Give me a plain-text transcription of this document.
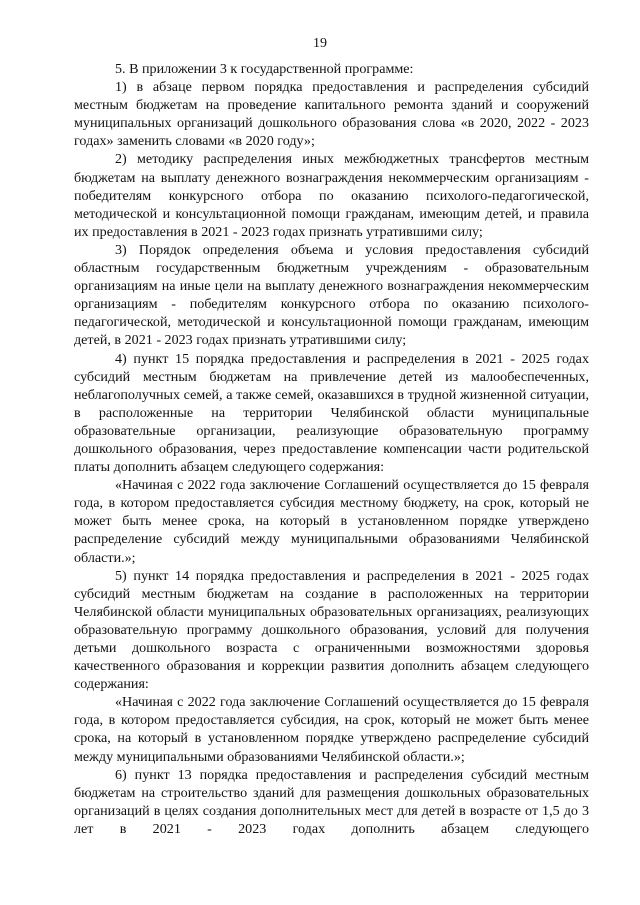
19

5. В приложении 3 к государственной программе:

1) в абзаце первом порядка предоставления и распределения субсидий местным бюджетам на проведение капитального ремонта зданий и сооружений муниципальных организаций дошкольного образования слова «в 2020, 2022 - 2023 годах» заменить словами «в 2020 году»;

2) методику распределения иных межбюджетных трансфертов местным бюджетам на выплату денежного вознаграждения некоммерческим организациям - победителям конкурсного отбора по оказанию психолого-педагогической, методической и консультационной помощи гражданам, имеющим детей, и правила их предоставления в 2021 - 2023 годах признать утратившими силу;

3) Порядок определения объема и условия предоставления субсидий областным государственным бюджетным учреждениям - образовательным организациям на иные цели на выплату денежного вознаграждения некоммерческим организациям - победителям конкурсного отбора по оказанию психолого-педагогической, методической и консультационной помощи гражданам, имеющим детей, в 2021 - 2023 годах признать утратившими силу;

4) пункт 15 порядка предоставления и распределения в 2021 - 2025 годах субсидий местным бюджетам на привлечение детей из малообеспеченных, неблагополучных семей, а также семей, оказавшихся в трудной жизненной ситуации, в расположенные на территории Челябинской области муниципальные образовательные организации, реализующие образовательную программу дошкольного образования, через предоставление компенсации части родительской платы дополнить абзацем следующего содержания:

«Начиная с 2022 года заключение Соглашений осуществляется до 15 февраля года, в котором предоставляется субсидия местному бюджету, на срок, который не может быть менее срока, на который в установленном порядке утверждено распределение субсидий между муниципальными образованиями Челябинской области.»;

5) пункт 14 порядка предоставления и распределения в 2021 - 2025 годах субсидий местным бюджетам на создание в расположенных на территории Челябинской области муниципальных образовательных организациях, реализующих образовательную программу дошкольного образования, условий для получения детьми дошкольного возраста с ограниченными возможностями здоровья качественного образования и коррекции развития дополнить абзацем следующего содержания:

«Начиная с 2022 года заключение Соглашений осуществляется до 15 февраля года, в котором предоставляется субсидия, на срок, который не может быть менее срока, на который в установленном порядке утверждено распределение субсидий между муниципальными образованиями Челябинской области.»;

6) пункт 13 порядка предоставления и распределения субсидий местным бюджетам на строительство зданий для размещения дошкольных образовательных организаций в целях создания дополнительных мест для детей в возрасте от 1,5 до 3 лет в 2021 - 2023 годах дополнить абзацем следующего
